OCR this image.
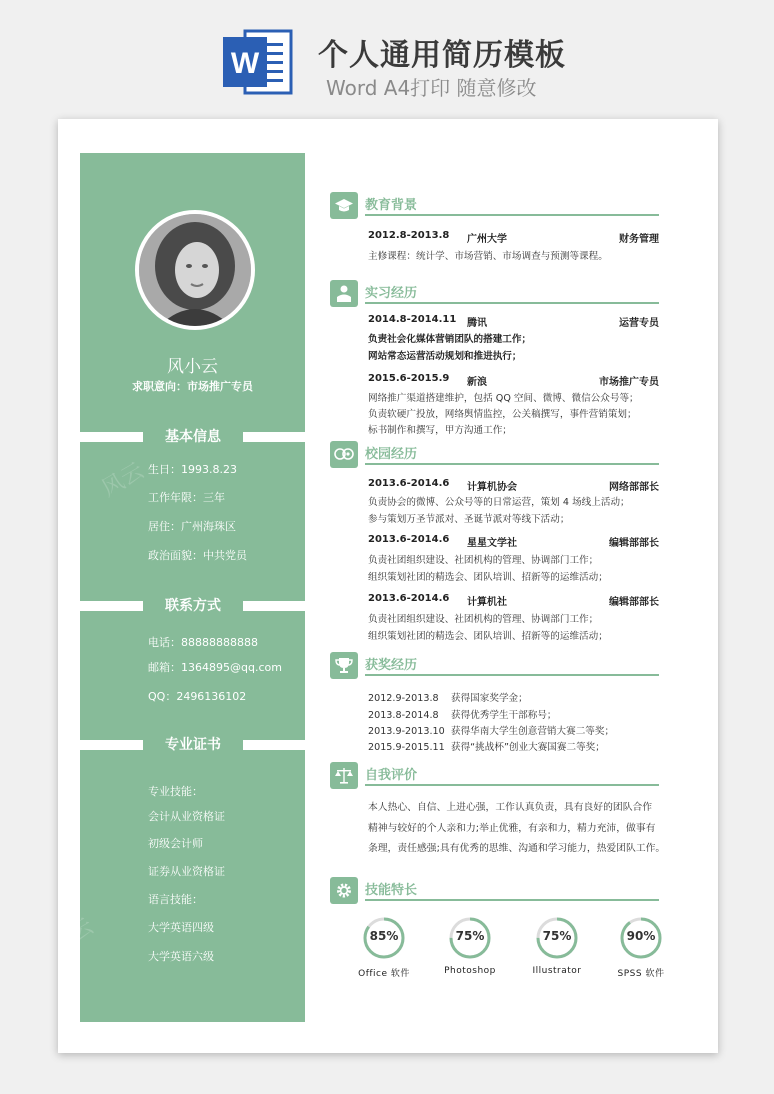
W 个人通用简历模板
Word A4打印 随意修改
风云
云
风小云
求职意向：市场推广专员
基本信息
生日：1993.8.23
工作年限：三年
居住：广州海珠区
政治面貌：中共党员
联系方式
电话：88888888888
邮箱：1364895@qq.com
QQ：2496136102
专业证书
专业技能：
会计从业资格证
初级会计师
证券从业资格证
语言技能：
大学英语四级
大学英语六级
教育背景
2012.8-2013.8 广州大学	财务管理
主修课程：统计学、市场营销、市场调查与预测等课程。
实习经历
2014.8-2014.11 腾讯	运营专员
负责社会化媒体营销团队的搭建工作；
网站常态运营活动规划和推进执行；
2015.6-2015.9 新浪	市场推广专员
网络推广渠道搭建维护，包括 QQ 空间、微博、微信公众号等；
负责软硬广投放，网络舆情监控，公关稿撰写，事件营销策划；
标书制作和撰写，甲方沟通工作；
校园经历
2013.6-2014.6 计算机协会	网络部部长
负责协会的微博、公众号等的日常运营，策划 4 场线上活动；
参与策划万圣节派对、圣诞节派对等线下活动；
2013.6-2014.6 星星文学社	编辑部部长
负责社团组织建设、社团机构的管理、协调部门工作；
组织策划社团的精选会、团队培训、招新等的运维活动；
2013.6-2014.6 计算机社	编辑部部长
负责社团组织建设、社团机构的管理、协调部门工作；
组织策划社团的精选会、团队培训、招新等的运维活动；
获奖经历
2012.9-2013.8 获得国家奖学金；
2013.8-2014.8 获得优秀学生干部称号；
2013.9-2013.10 获得华南大学生创意营销大赛二等奖；
2015.9-2015.11 获得“挑战杯”创业大赛国赛二等奖；
自我评价
本人热心、自信、上进心强，工作认真负责，具有良好的团队合作
精神与较好的个人亲和力;举止优雅，有亲和力，精力充沛，做事有
条理，责任感强;具有优秀的思维、沟通和学习能力，热爱团队工作。
技能特长
85%
Office 软件
75%
Photoshop
75%
Illustrator
90%
SPSS 软件
